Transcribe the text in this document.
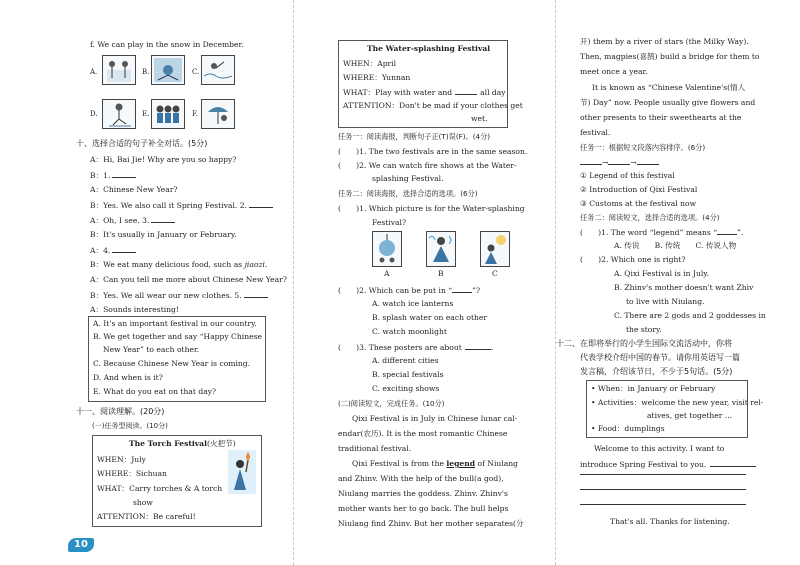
f. We can play in the snow in December.
A.	B.	C.
D.	E.	F.
十、选择合适的句子补全对话。(5分)
A：Hi, Bai Jie! Why are you so happy?
B：1.
A：Chinese New Year?
B：Yes. We also call it Spring Festival. 2.
A：Oh, I see. 3.
B：It's usually in January or February.
A：4.
B：We eat many delicious food, such as jiaozi.
A：Can you tell me more about Chinese New Year?
B：Yes. We all wear our new clothes. 5.
A：Sounds interesting!
A. It's an important festival in our country.
B. We get together and say “Happy Chinese
New Year” to each other.
C. Because Chinese New Year is coming.
D. And when is it?
E. What do you eat on that day?
十一、阅读理解。(20分)
(一)任务型阅读。(10分)
The Torch Festival(火把节)
WHEN：July
WHERE：Sichuan
WHAT：Carry torches & A torch
show
ATTENTION：Be careful!
10
The Water-splashing Festival
WHEN：April
WHERE：Yunnan
WHAT：Play with water and	all day
ATTENTION：Don't be mad if your clothes get
wet.
任务一：阅读海报，判断句子正(T)误(F)。(4分)
(　　)1. The two festivals are in the same season.
(　　)2. We can watch fire shows at the Water-
splashing Festival.
任务二：阅读海报，选择合适的选项。(6分)
(　　)1. Which picture is for the Water-splashing
Festival?
A	B	C
(　　)2. Which can be put in “	”?
A. watch ice lanterns
B. splash water on each other
C. watch moonlight
(　　)3. These posters are about	.
A. different cities
B. special festivals
C. exciting shows
(二)阅读短文，完成任务。(10分)
Qixi Festival is in July in Chinese lunar cal-
endar(农历). It is the most romantic Chinese
traditional festival.
Qixi Festival is from the legend of Niulang
and Zhinv. With the help of the bull(a god),
Niulang marries the goddess. Zhinv. Zhinv's
mother wants her to go back. The bull helps
Niulang find Zhinv. But her mother separates(分
开) them by a river of stars (the Milky Way).
Then, magpies(喜鹊) build a bridge for them to
meet once a year.
It is known as “Chinese Valentine's(情人
节) Day” now. People usually give flowers and
other presents to their sweethearts at the
festival.
任务一：根据短文段落内容排序。(6分)
→	→
① Legend of this festival
② Introduction of Qixi Festival
③ Customs at the festival now
任务二：阅读短文，选择合适的选项。(4分)
(　　)1. The word “legend” means “	”.
A. 传说　　B. 传统　　C. 传说人物
(　　)2. Which one is right?
A. Qixi Festival is in July.
B. Zhinv's mother doesn't want Zhiv
to live with Niulang.
C. There are 2 gods and 2 goddesses in
the story.
十二、在即将举行的小学生国际交流活动中，你将
代表学校介绍中国的春节。请你用英语写一篇
发言稿，介绍该节日，不少于5句话。(5分)
• When：in January or February
• Activities：welcome the new year, visit rel-
atives, get together ...
• Food：dumplings
Welcome to this activity. I want to
introduce Spring Festival to you.
That's all. Thanks for listening.
